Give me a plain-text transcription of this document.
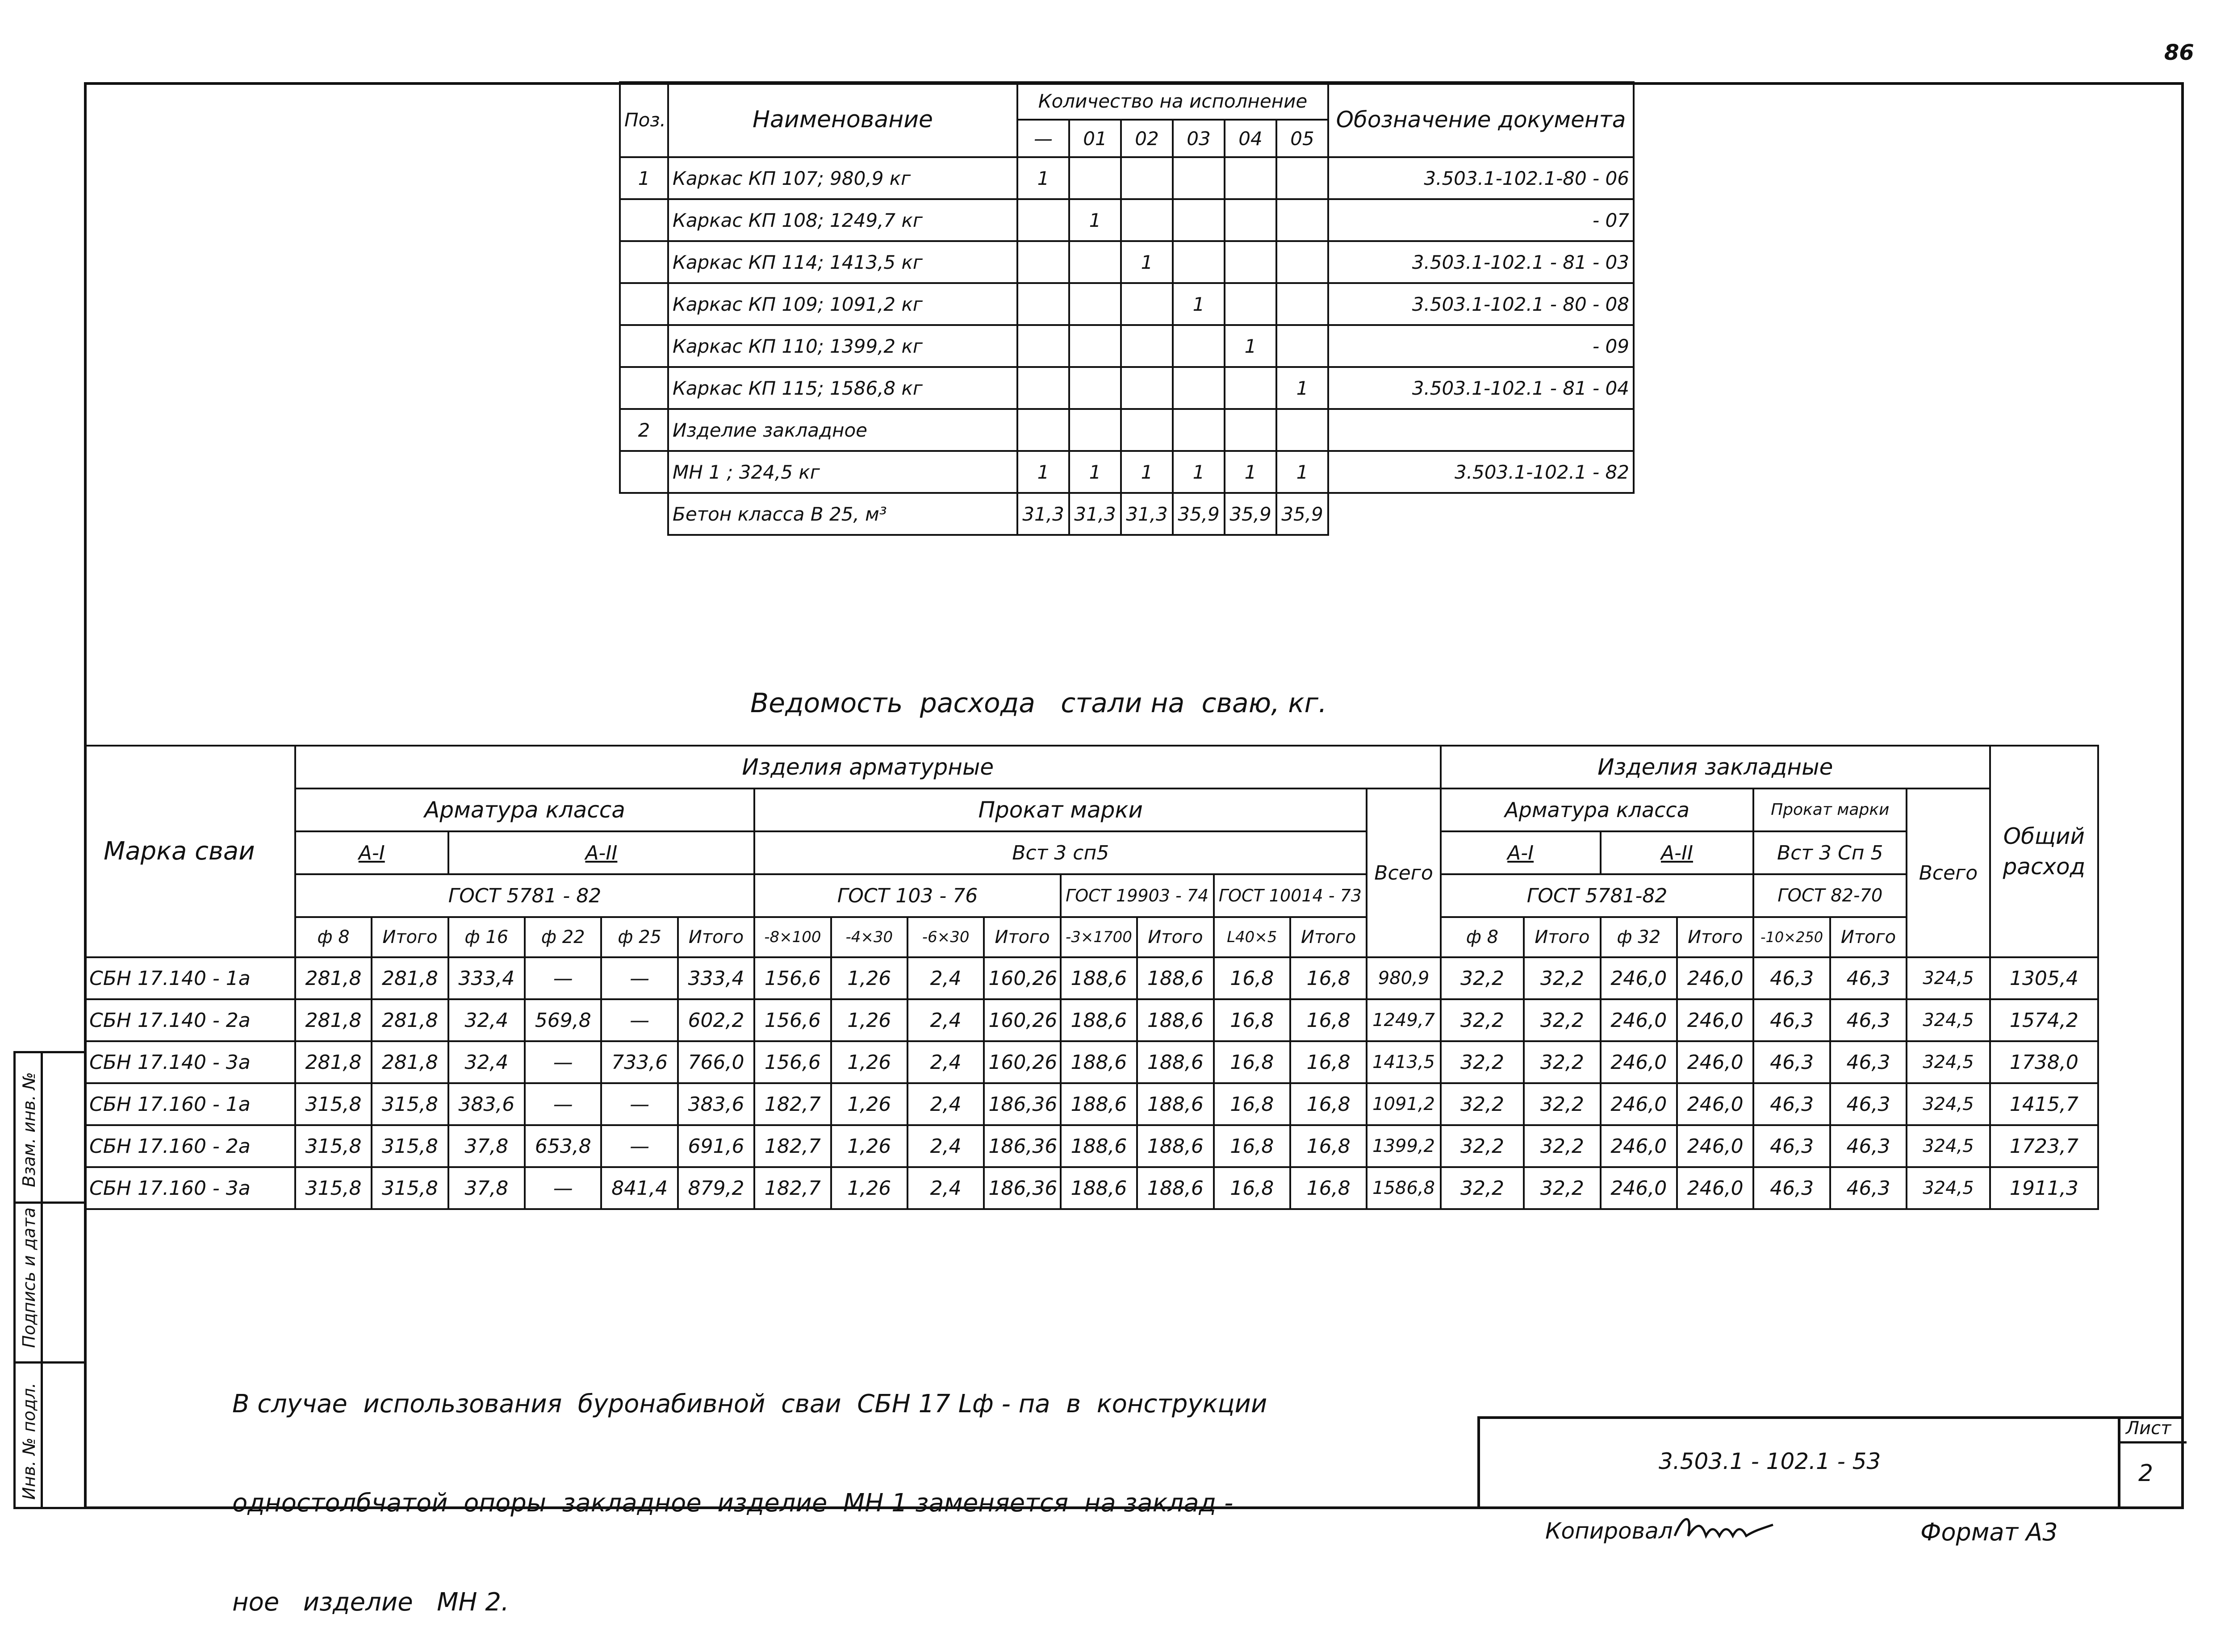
86
Поз.	Наименование	Количество на исполнение						Обозначение документа
		—	01	02	03	04	05	
1	Каркас КП 107; 980,9 кг	1						3.503.1-102.1-80 - 06
	Каркас КП 108; 1249,7 кг		1					- 07
	Каркас КП 114; 1413,5 кг			1				3.503.1-102.1 - 81 - 03
	Каркас КП 109; 1091,2 кг				1			3.503.1-102.1 - 80 - 08
	Каркас КП 110; 1399,2 кг					1		- 09
	Каркас КП 115; 1586,8 кг						1	3.503.1-102.1 - 81 - 04
2	Изделие закладное							
	МН 1 ; 324,5 кг	1	1	1	1	1	1	3.503.1-102.1 - 82
	Бетон класса В 25, м³	31,3	31,3	31,3	35,9	35,9	35,9	
Ведомость  расхода   стали на  сваю, кг.
Марка сваи	Изделия арматурные															Изделия закладные							Общий расход
	Арматура класса						Прокат марки								Всего	Арматура класса				Прокат марки		Всего	
	А-I		А-II				Вст 3 сп5									А-I		А-II		Вст 3 Сп 5			
	ГОСТ 5781 - 82						ГОСТ 103 - 76				ГОСТ 19903 - 74		ГОСТ 10014 - 73			ГОСТ 5781-82				ГОСТ 82-70			
	ф 8	Итого	ф 16	ф 22	ф 25	Итого	-8×100	-4×30	-6×30	Итого	-3×1700	Итого	L40×5	Итого		ф 8	Итого	ф 32	Итого	-10×250	Итого		
СБН 17.140 - 1а	281,8	281,8	333,4	—	—	333,4	156,6	1,26	2,4	160,26	188,6	188,6	16,8	16,8	980,9	32,2	32,2	246,0	246,0	46,3	46,3	324,5	1305,4
СБН 17.140 - 2а	281,8	281,8	32,4	569,8	—	602,2	156,6	1,26	2,4	160,26	188,6	188,6	16,8	16,8	1249,7	32,2	32,2	246,0	246,0	46,3	46,3	324,5	1574,2
СБН 17.140 - 3а	281,8	281,8	32,4	—	733,6	766,0	156,6	1,26	2,4	160,26	188,6	188,6	16,8	16,8	1413,5	32,2	32,2	246,0	246,0	46,3	46,3	324,5	1738,0
СБН 17.160 - 1а	315,8	315,8	383,6	—	—	383,6	182,7	1,26	2,4	186,36	188,6	188,6	16,8	16,8	1091,2	32,2	32,2	246,0	246,0	46,3	46,3	324,5	1415,7
СБН 17.160 - 2а	315,8	315,8	37,8	653,8	—	691,6	182,7	1,26	2,4	186,36	188,6	188,6	16,8	16,8	1399,2	32,2	32,2	246,0	246,0	46,3	46,3	324,5	1723,7
СБН 17.160 - 3а	315,8	315,8	37,8	—	841,4	879,2	182,7	1,26	2,4	186,36	188,6	188,6	16,8	16,8	1586,8	32,2	32,2	246,0	246,0	46,3	46,3	324,5	1911,3

В случае  использования  буронабивной  сваи  СБН 17 Lф - па  в  конструкции

одностолбчатой  опоры  закладное  изделие  МН 1 заменяется  на заклад -

ное   изделие   МН 2.

3.503.1 - 102.1 - 53
Лист
2
Взам. инв. №
Подпись и дата
Инв. № подл.
Копировал	Формат А3
